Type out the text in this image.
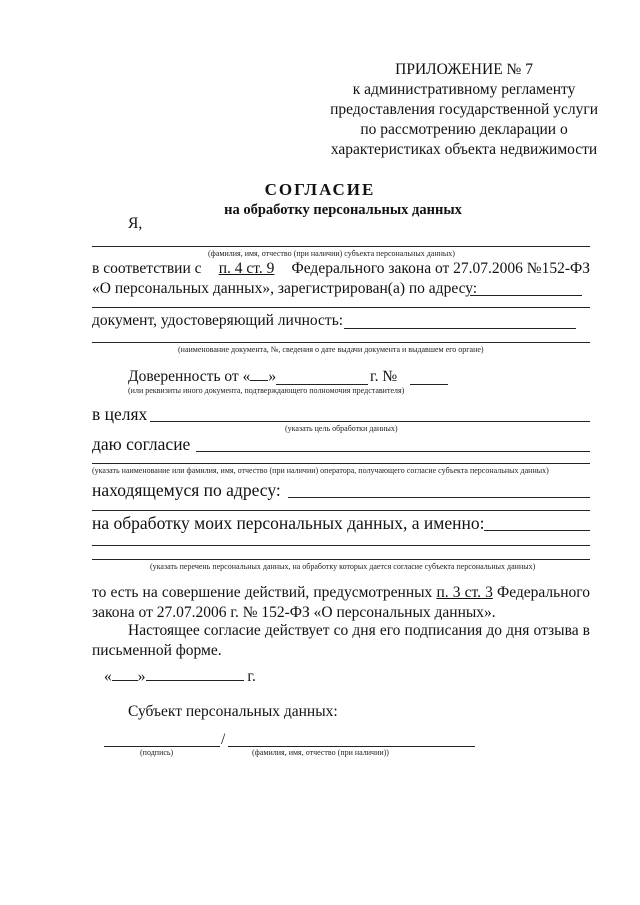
ПРИЛОЖЕНИЕ № 7
к административному регламенту
предоставления государственной услуги
по рассмотрению декларации о
характеристиках объекта недвижимости
СОГЛАСИЕ
на обработку персональных данных
Я,
(фамилия, имя, отчество (при наличии) субъекта персональных данных)
в соответствии с п. 4 ст. 9 Федерального закона от 27.07.2006 №152-ФЗ
«О персональных данных», зарегистрирован(а) по адресу:
документ, удостоверяющий личность:
(наименование документа, №, сведения о дате выдачи документа и выдавшем его органе)
Доверенность от « »	г. №
(или реквизиты иного документа, подтверждающего полномочия представителя)
в целях
(указать цель обработки данных)
даю согласие
(указать наименование или фамилия, имя, отчество (при наличии) оператора, получающего согласие субъекта персональных данных)
находящемуся по адресу:
на обработку моих персональных данных, а именно:
(указать перечень персональных данных, на обработку которых дается согласие субъекта персональных данных)
то есть на совершение действий, предусмотренных п. 3 ст. 3 Федерального закона от 27.07.2006 г. № 152-ФЗ «О персональных данных».
Настоящее согласие действует со дня его подписания до дня отзыва в письменной форме.
« »	г.
Субъект персональных данных:
/
(подпись)	(фамилия, имя, отчество (при наличии))
